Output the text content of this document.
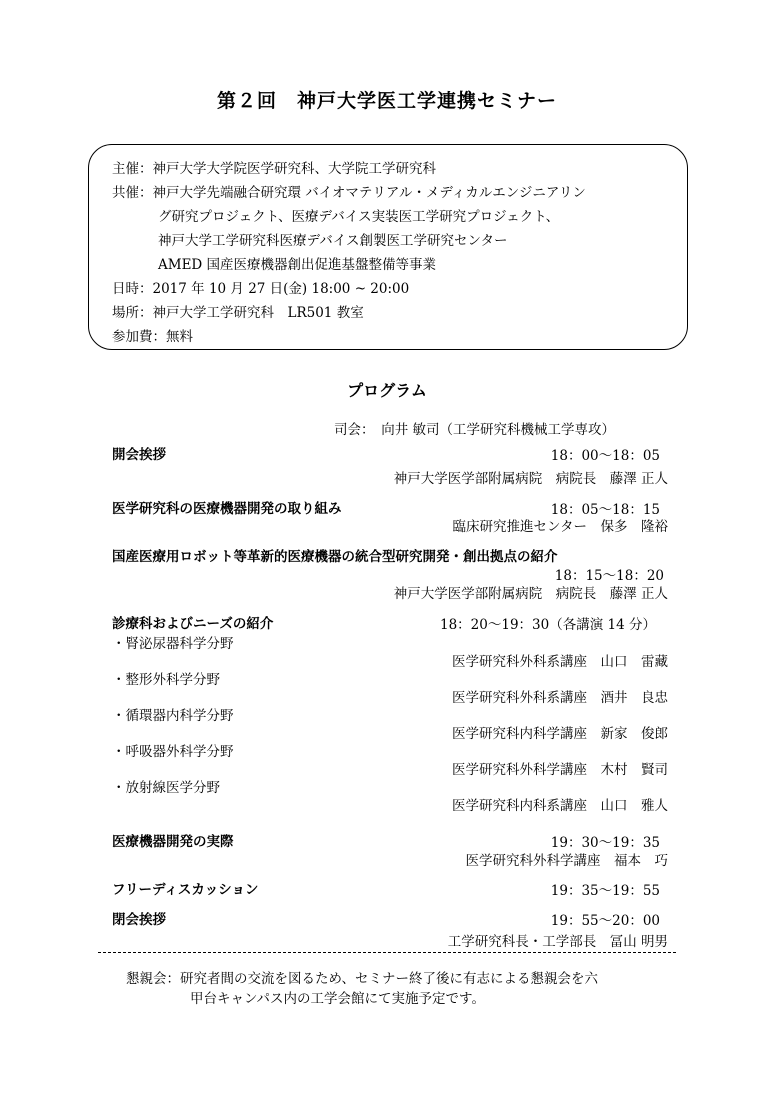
第２回　神戸大学医工学連携セミナー
主催：神戸大学大学院医学研究科、大学院工学研究科
共催：神戸大学先端融合研究環 バイオマテリアル・メディカルエンジニアリン
グ研究プロジェクト、医療デバイス実装医工学研究プロジェクト、
神戸大学工学研究科医療デバイス創製医工学研究センター
AMED 国産医療機器創出促進基盤整備等事業
日時：2017 年 10 月 27 日(金) 18:00 ~ 20:00
場所：神戸大学工学研究科　LR501 教室
参加費：無料
プログラム
司会：　向井 敏司（工学研究科機械工学専攻）
開会挨拶	18：00〜18：05
神戸大学医学部附属病院　病院長　藤澤 正人
医学研究科の医療機器開発の取り組み	18：05〜18：15
臨床研究推進センター　保多　隆裕
国産医療用ロボット等革新的医療機器の統合型研究開発・創出拠点の紹介
18：15〜18：20
神戸大学医学部附属病院　病院長　藤澤 正人
診療科およびニーズの紹介	18：20〜19：30（各講演 14 分）
・腎泌尿器科学分野
医学研究科外科系講座　山口　雷藏
・整形外科学分野
医学研究科外科系講座　酒井　良忠
・循環器内科学分野
医学研究科内科学講座　新家　俊郎
・呼吸器外科学分野
医学研究科外科学講座　木村　賢司
・放射線医学分野
医学研究科内科系講座　山口　雅人
医療機器開発の実際	19：30〜19：35
医学研究科外科学講座　福本　巧
フリーディスカッション	19：35〜19：55
閉会挨拶	19：55〜20：00
工学研究科長・工学部長　冨山 明男
懇親会：研究者間の交流を図るため、セミナー終了後に有志による懇親会を六
甲台キャンパス内の工学会館にて実施予定です。
